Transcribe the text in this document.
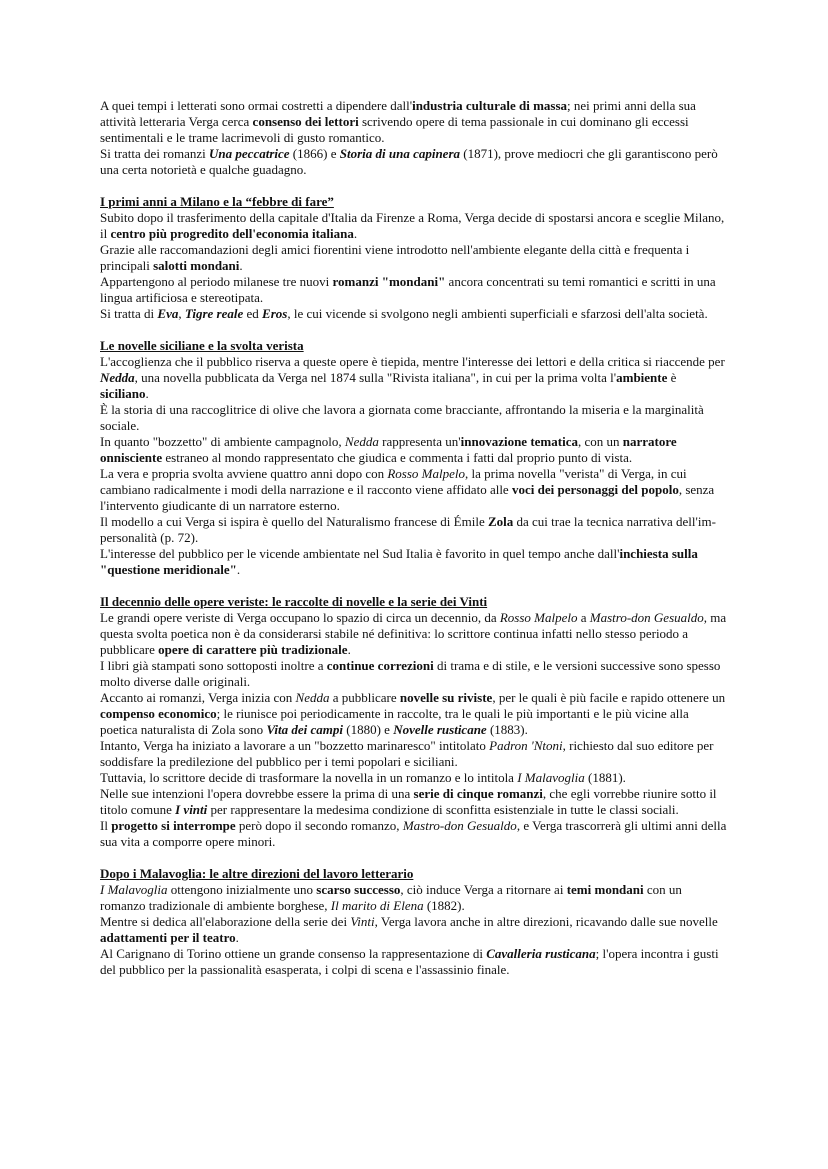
A quei tempi i letterati sono ormai costretti a dipendere dall'industria culturale di massa; nei primi anni della sua attività letteraria Verga cerca consenso dei lettori scrivendo opere di tema passionale in cui dominano gli eccessi sentimentali e le trame lacrimevoli di gusto romantico.

Si tratta dei romanzi Una peccatrice (1866) e Storia di una capinera (1871), prove mediocri che gli garantiscono però una certa notorietà e qualche guadagno.

I primi anni a Milano e la “febbre di fare”

Subito dopo il trasferimento della capitale d'Italia da Firenze a Roma, Verga decide di spostarsi ancora e sceglie Milano, il centro più progredito dell'economia italiana.

Grazie alle raccomandazioni degli amici fiorentini viene introdotto nell'ambiente elegante della città e frequenta i principali salotti mondani.

Appartengono al periodo milanese tre nuovi romanzi "mondani" ancora concentrati su temi romantici e scritti in una lingua artificiosa e stereotipata.

Si tratta di Eva, Tigre reale ed Eros, le cui vicende si svolgono negli ambienti superficiali e sfarzosi dell'alta società.

Le novelle siciliane e la svolta verista

L'accoglienza che il pubblico riserva a queste opere è tiepida, mentre l'interesse dei lettori e della critica si riaccende per Nedda, una novella pubblicata da Verga nel 1874 sulla "Rivista italiana", in cui per la prima volta l'ambiente è siciliano.

È la storia di una raccoglitrice di olive che lavora a giornata come bracciante, affrontando la miseria e la marginalità sociale.

In quanto "bozzetto" di ambiente campagnolo, Nedda rappresenta un'innovazione tematica, con un narratore onnisciente estraneo al mondo rappresentato che giudica e commenta i fatti dal proprio punto di vista.

La vera e propria svolta avviene quattro anni dopo con Rosso Malpelo, la prima novella "verista" di Verga, in cui cambiano radicalmente i modi della narrazione e il racconto viene affidato alle voci dei personaggi del popolo, senza l'intervento giudicante di un narratore esterno.

Il modello a cui Verga si ispira è quello del Naturalismo francese di Émile Zola da cui trae la tecnica narrativa dell'im- personalità (p. 72).

L'interesse del pubblico per le vicende ambientate nel Sud Italia è favorito in quel tempo anche dall'inchiesta sulla "questione meridionale".

Il decennio delle opere veriste: le raccolte di novelle e la serie dei Vinti

Le grandi opere veriste di Verga occupano lo spazio di circa un decennio, da Rosso Malpelo a Mastro-don Gesualdo, ma questa svolta poetica non è da considerarsi stabile né definitiva: lo scrittore continua infatti nello stesso periodo a pubblicare opere di carattere più tradizionale.

I libri già stampati sono sottoposti inoltre a continue correzioni di trama e di stile, e le versioni successive sono spesso molto diverse dalle originali.

Accanto ai romanzi, Verga inizia con Nedda a pubblicare novelle su riviste, per le quali è più facile e rapido ottenere un compenso economico; le riunisce poi periodicamente in raccolte, tra le quali le più importanti e le più vicine alla poetica naturalista di Zola sono Vita dei campi (1880) e Novelle rusticane (1883).

Intanto, Verga ha iniziato a lavorare a un "bozzetto marinaresco" intitolato Padron 'Ntoni, richiesto dal suo editore per soddisfare la predilezione del pubblico per i temi popolari e siciliani.

Tuttavia, lo scrittore decide di trasformare la novella in un romanzo e lo intitola I Malavoglia (1881).

Nelle sue intenzioni l'opera dovrebbe essere la prima di una serie di cinque romanzi, che egli vorrebbe riunire sotto il titolo comune I vinti per rappresentare la medesima condizione di sconfitta esistenziale in tutte le classi sociali.

Il progetto si interrompe però dopo il secondo romanzo, Mastro-don Gesualdo, e Verga trascorrerà gli ultimi anni della sua vita a comporre opere minori.

Dopo i Malavoglia: le altre direzioni del lavoro letterario

I Malavoglia ottengono inizialmente uno scarso successo, ciò induce Verga a ritornare ai temi mondani con un romanzo tradizionale di ambiente borghese, Il marito di Elena (1882).

Mentre si dedica all'elaborazione della serie dei Vinti, Verga lavora anche in altre direzioni, ricavando dalle sue novelle adattamenti per il teatro.

Al Carignano di Torino ottiene un grande consenso la rappresentazione di Cavalleria rusticana; l'opera incontra i gusti del pubblico per la passionalità esasperata, i colpi di scena e l'assassinio finale.
